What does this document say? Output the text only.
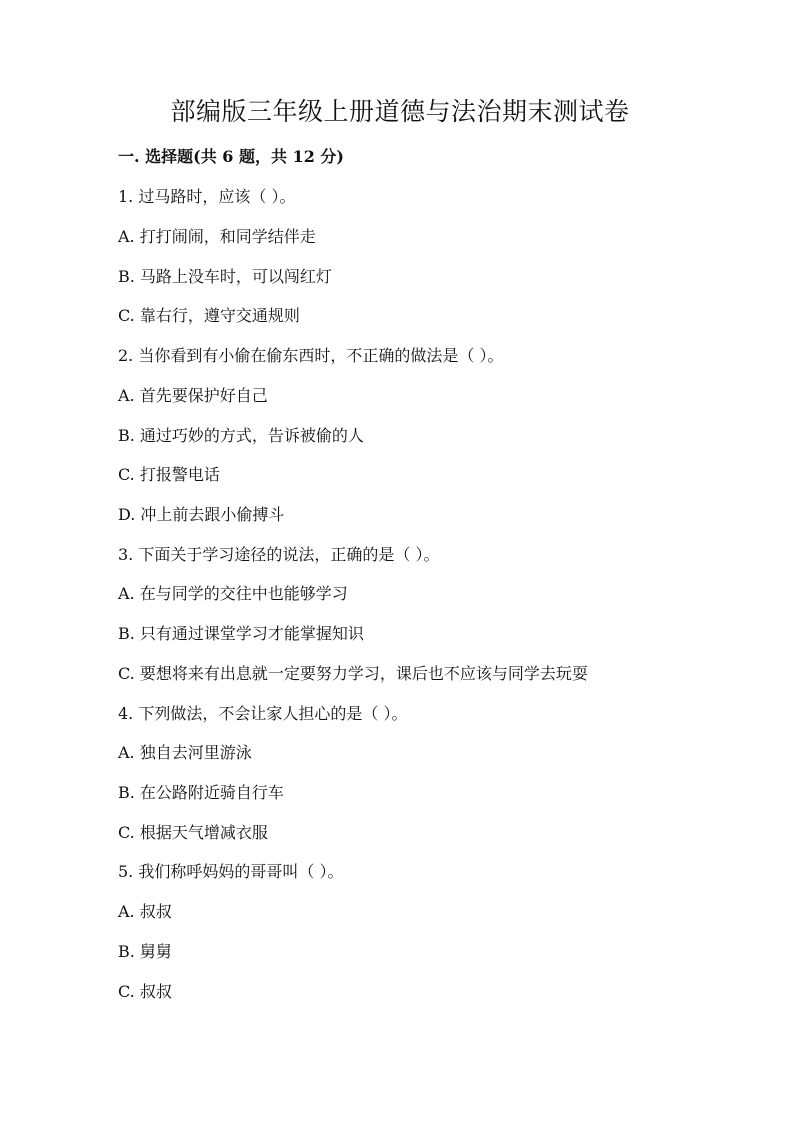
部编版三年级上册道德与法治期末测试卷
一. 选择题(共 6 题，共 12 分)
1. 过马路时，应该（ ）。
A. 打打闹闹，和同学结伴走
B. 马路上没车时，可以闯红灯
C. 靠右行，遵守交通规则
2. 当你看到有小偷在偷东西时，不正确的做法是（ ）。
A. 首先要保护好自己
B. 通过巧妙的方式，告诉被偷的人
C. 打报警电话
D. 冲上前去跟小偷搏斗
3. 下面关于学习途径的说法，正确的是（ ）。
A. 在与同学的交往中也能够学习
B. 只有通过课堂学习才能掌握知识
C. 要想将来有出息就一定要努力学习，课后也不应该与同学去玩耍
4. 下列做法，不会让家人担心的是（ ）。
A. 独自去河里游泳
B. 在公路附近骑自行车
C. 根据天气增减衣服
5. 我们称呼妈妈的哥哥叫（ ）。
A. 叔叔
B. 舅舅
C. 叔叔
